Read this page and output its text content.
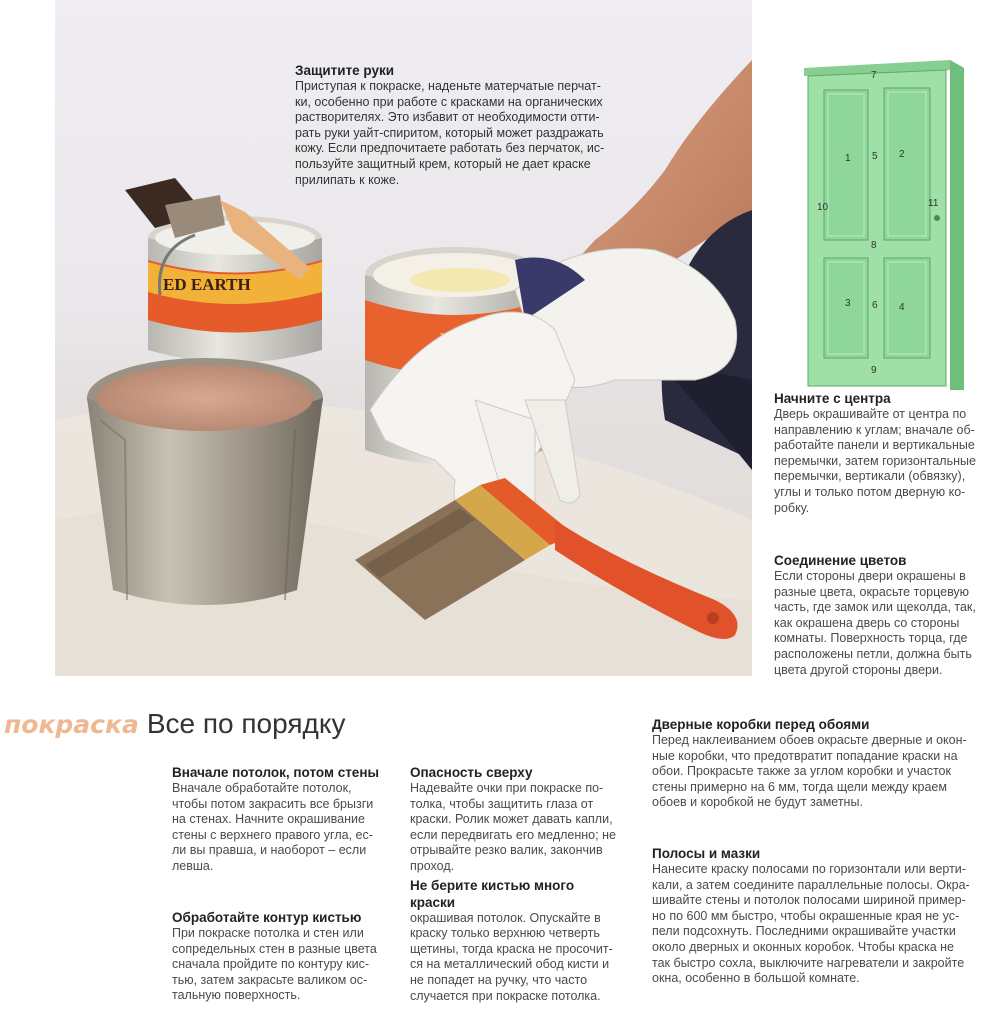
ED EARTH
Защитите руки
Приступая к покраске, наденьте матерчатые перчат-
ки, особенно при работе с красками на органических
растворителях. Это избавит от необходимости отти-
рать руки уайт-спиритом, который может раздражать
кожу. Если предпочитаете работать без перчаток, ис-
пользуйте защитный крем, который не дает краске
прилипать к коже.
7
1 5 2
10	11
8
3 6 4
9
Начните с центра
Дверь окрашивайте от центра по
направлению к углам; вначале об-
работайте панели и вертикальные
перемычки, затем горизонтальные
перемычки, вертикали (обвязку),
углы и только потом дверную ко-
робку.
Соединение цветов
Если стороны двери окрашены в
разные цвета, окрасьте торцевую
часть, где замок или щеколда, так,
как окрашена дверь со стороны
комнаты. Поверхность торца, где
расположены петли, должна быть
цвета другой стороны двери.
покраска Все по порядку
Вначале потолок, потом стены
Вначале обработайте потолок,
чтобы потом закрасить все брызги
на стенах. Начните окрашивание
стены с верхнего правого угла, ес-
ли вы правша, и наоборот – если
левша.
Обработайте контур кистью
При покраске потолка и стен или
сопредельных стен в разные цвета
сначала пройдите по контуру кис-
тью, затем закрасьте валиком ос-
тальную поверхность.
Опасность сверху
Надевайте очки при покраске по-
толка, чтобы защитить глаза от
краски. Ролик может давать капли,
если передвигать его медленно; не
отрывайте резко валик, закончив
проход.
Не берите кистью много краски
окрашивая потолок. Опускайте в
краску только верхнюю четверть
щетины, тогда краска не просочит-
ся на металлический обод кисти и
не попадет на ручку, что часто
случается при покраске потолка.
Дверные коробки перед обоями
Перед наклеиванием обоев окрасьте дверные и окон-
ные коробки, что предотвратит попадание краски на
обои. Прокрасьте также за углом коробки и участок
стены примерно на 6 мм, тогда щели между краем
обоев и коробкой не будут заметны.
Полосы и мазки
Нанесите краску полосами по горизонтали или верти-
кали, а затем соедините параллельные полосы. Окра-
шивайте стены и потолок полосами шириной пример-
но по 600 мм быстро, чтобы окрашенные края не ус-
пели подсохнуть. Последними окрашивайте участки
около дверных и оконных коробок. Чтобы краска не
так быстро сохла, выключите нагреватели и закройте
окна, особенно в большой комнате.
